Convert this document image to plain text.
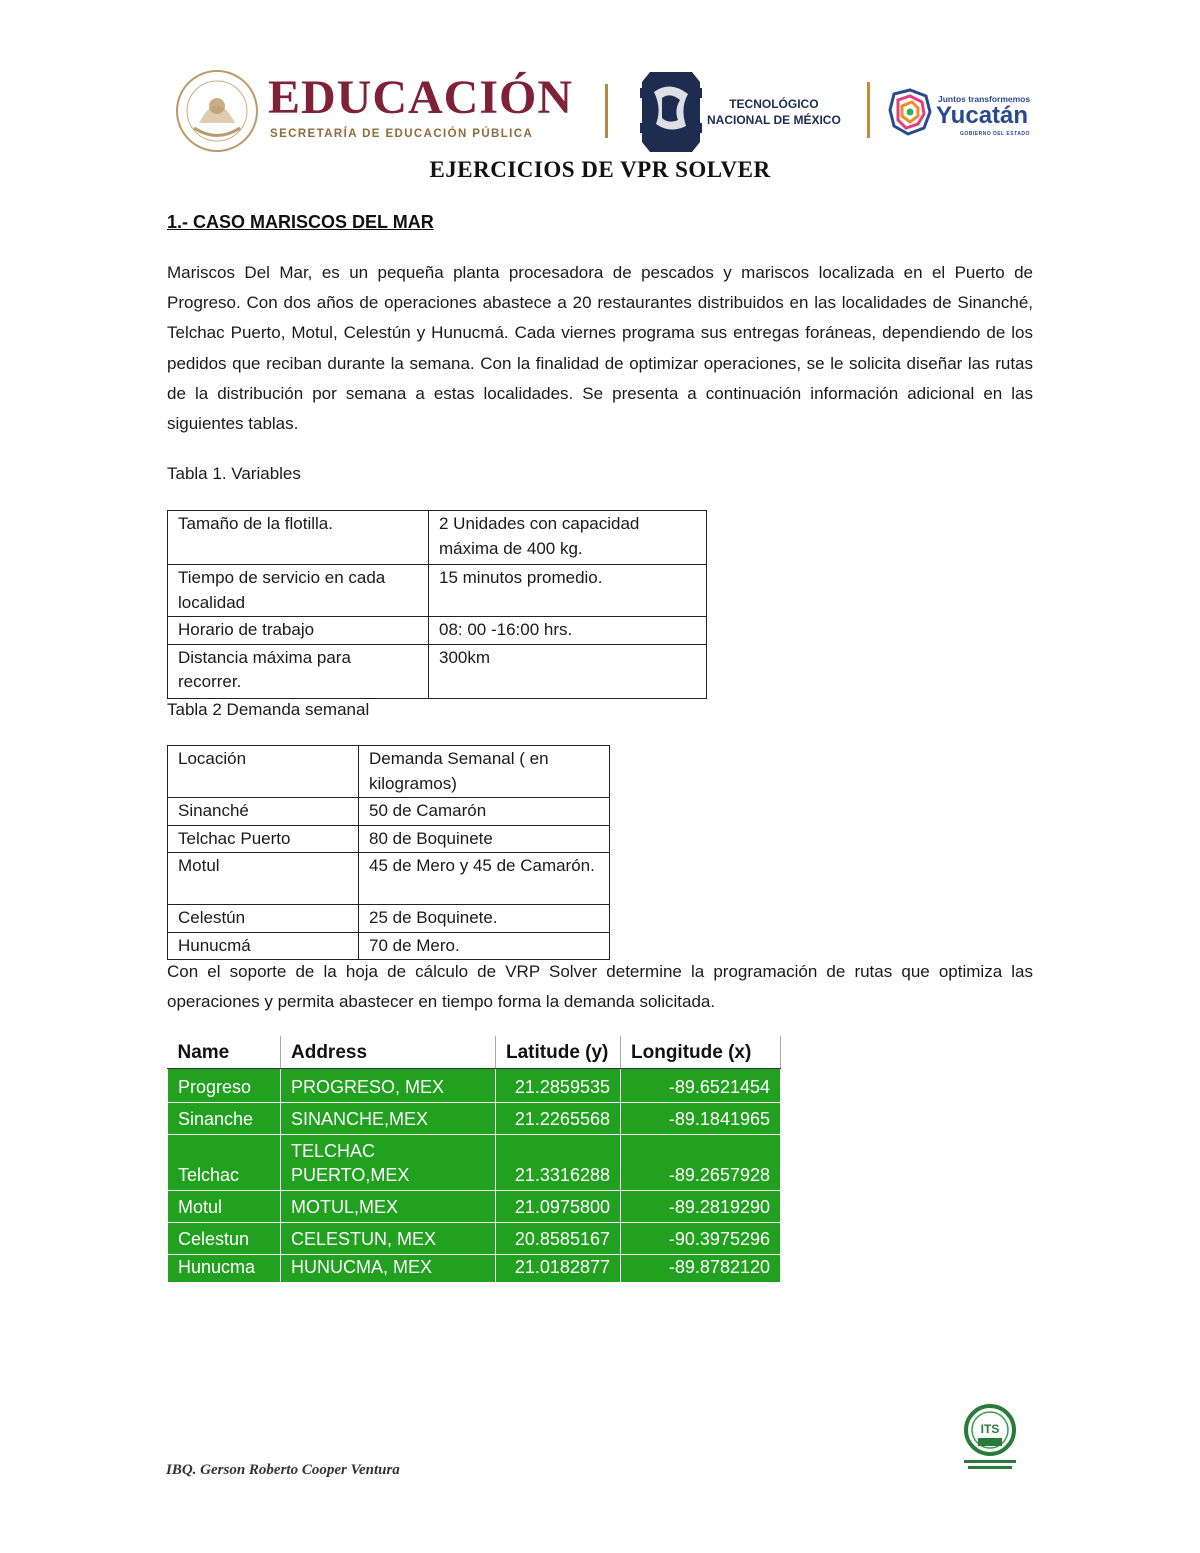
EDUCACIÓN
SECRETARÍA DE EDUCACIÓN PÚBLICA
TECNOLÓGICO
NACIONAL DE MÉXICO
Juntos transformemos
Yucatán
GOBIERNO DEL ESTADO
EJERCICIOS DE VPR SOLVER
1.- CASO MARISCOS DEL MAR

Mariscos Del Mar, es un pequeña planta procesadora de pescados y mariscos localizada en el Puerto de Progreso. Con dos años de operaciones abastece a 20 restaurantes distribuidos en las localidades de Sinanché, Telchac Puerto, Motul, Celestún y Hunucmá. Cada viernes programa sus entregas foráneas, dependiendo de los pedidos que reciban durante la semana. Con la finalidad de optimizar operaciones, se le solicita diseñar las rutas de la distribución por semana a estas localidades. Se presenta a continuación información adicional en las siguientes tablas.

Tabla 1. Variables
Tamaño de la flotilla.	2 Unidades con capacidad máxima de 400 kg.
Tiempo de servicio en cada localidad	15 minutos promedio.
Horario de trabajo	08: 00 -16:00 hrs.
Distancia máxima para recorrer.	300km
Tabla 2 Demanda semanal
Locación	Demanda Semanal ( en kilogramos)
Sinanché	50 de Camarón
Telchac Puerto	80 de Boquinete
Motul	45 de Mero y 45 de Camarón.
Celestún	25 de Boquinete.
Hunucmá	70 de Mero.

Con el soporte de la hoja de cálculo de VRP Solver determine la programación de rutas que optimiza las operaciones y permita abastecer en tiempo forma la demanda solicitada.

Name	Address	Latitude (y)	Longitude (x)
Progreso	PROGRESO, MEX	21.2859535	-89.6521454
Sinanche	SINANCHE,MEX	21.2265568	-89.1841965
Telchac	TELCHAC PUERTO,MEX	21.3316288	-89.2657928
Motul	MOTUL,MEX	21.0975800	-89.2819290
Celestun	CELESTUN, MEX	20.8585167	-90.3975296
Hunucma	HUNUCMA, MEX	21.0182877	-89.8782120
IBQ. Gerson Roberto Cooper Ventura
ITS
